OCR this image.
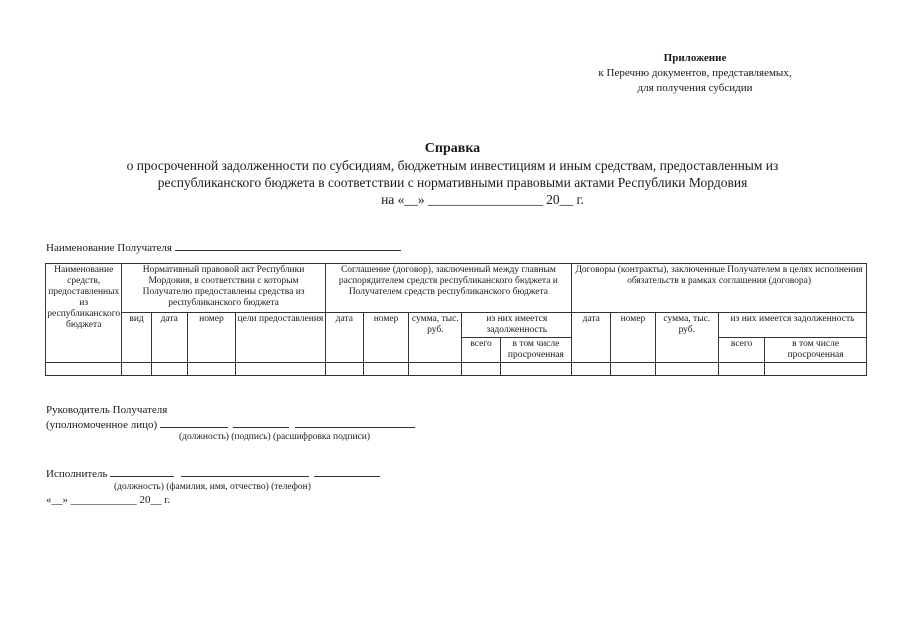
Приложение
к Перечню документов, представляемых,
для получения субсидии
Справка
о просроченной задолженности по субсидиям, бюджетным инвестициям и иным средствам, предоставленным из
республиканского бюджета в соответствии с нормативными правовыми актами Республики Мордовия
на «__» _________________ 20__ г.
Наименование Получателя
Наименование средств, предоставленных из республиканского бюджета	Нормативный правовой акт Республики Мордовия, в соответствии с которым Получателю предоставлены средства из республиканского бюджета				Соглашение (договор), заключенный между главным распорядителем средств республиканского бюджета и Получателем средств республиканского бюджета					Договоры (контракты), заключенные Получателем в целях исполнения обязательств в рамках соглашения (договора)				
	вид	дата	номер	цели предоставления	дата	номер	сумма, тыс. руб.	из них имеется задолженность		дата	номер	сумма, тыс. руб.	из них имеется задолженность	
								всего	в том числе просроченная				всего	в том числе просроченная

Руководитель Получателя
(уполномоченное лицо)
(должность) (подпись) (расшифровка подписи)
Исполнитель
(должность) (фамилия, имя, отчество) (телефон)
«__» ____________ 20__ г.
